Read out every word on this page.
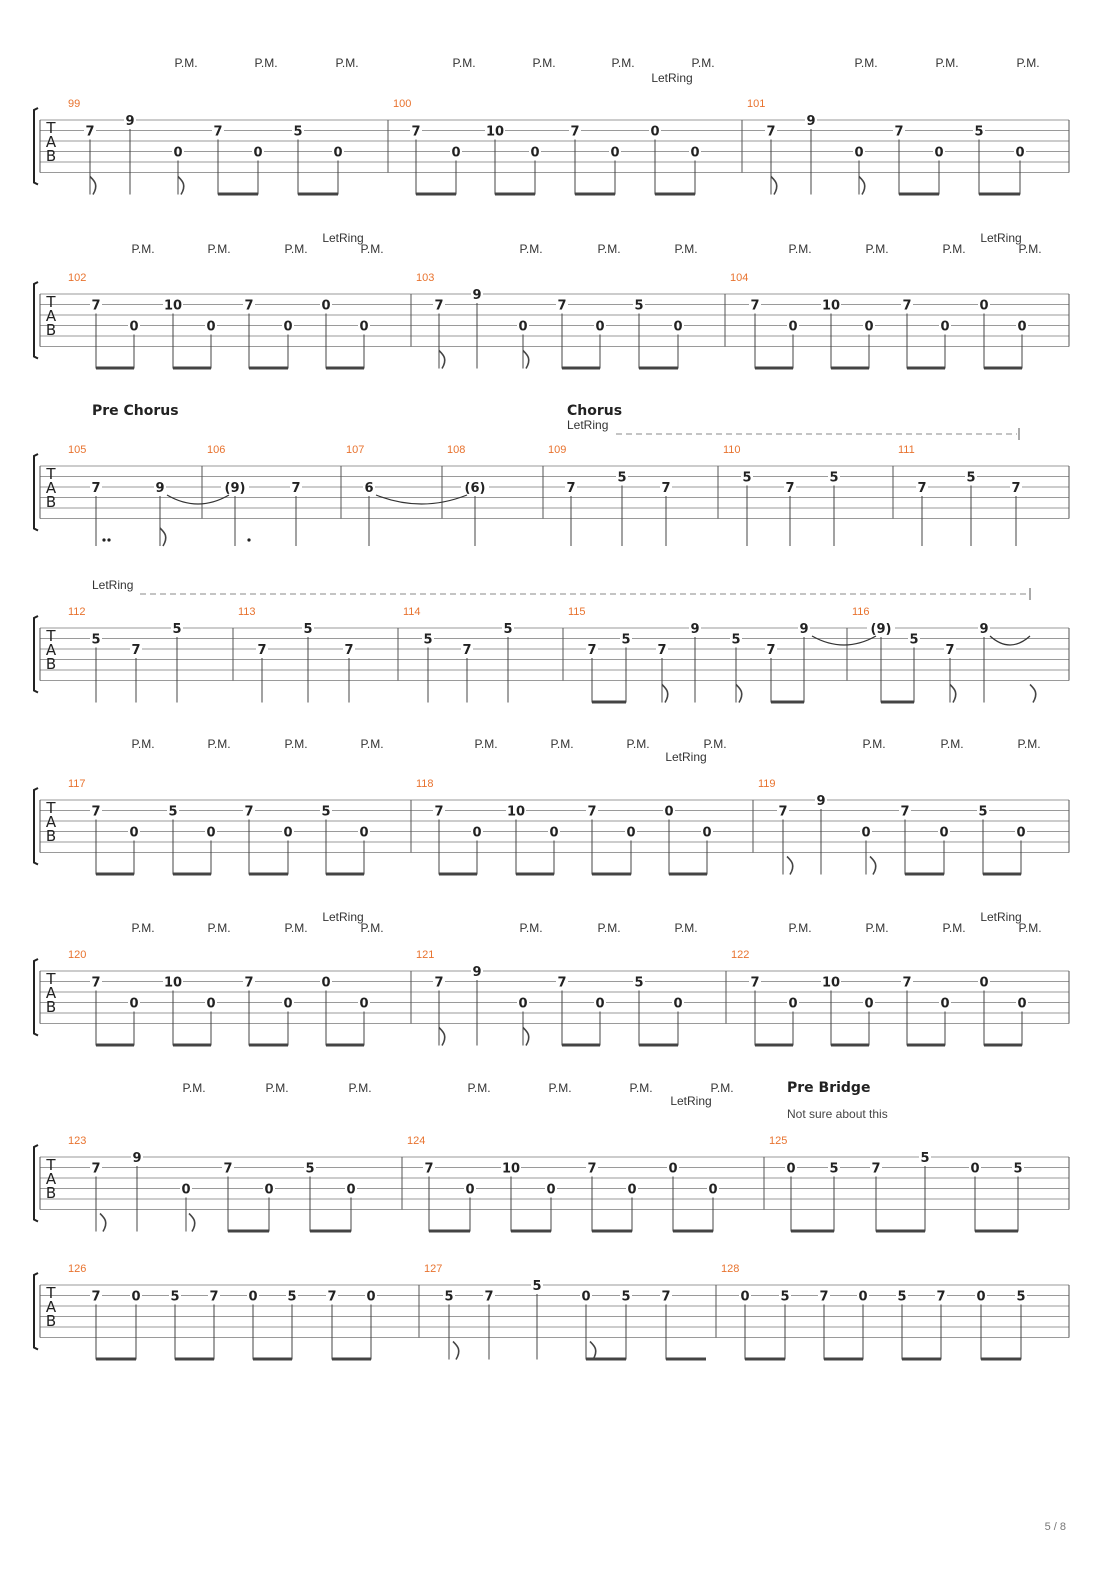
T
A
B
99
7
9
0
7
0
5
0
100
7
0
10
0
7
0
0
0
101
7
9
0
7
0
5
0
P.M.	P.M.	P.M.	P.M.	P.M.	P.M.	P.M.	P.M.	P.M.	P.M.
LetRing
T
A
B
102
7
0
10
0
7
0
0
0
103
7
9
0
7
0
5
0
104
7
0
10
0
7
0
0
0
P.M.	P.M.	P.M.	P.M.	P.M.	P.M.	P.M.	P.M.	P.M.	P.M.	P.M.
LetRing	LetRing
T
A
B
105
7	9
106
(9)	7
107
6
108
(6)
109
7
5
7
110
5
7
5
111
7
5
7
T
A
B
112
5
7
5
113
7
5
7
114
5
7
5
115
7
5
7
9
5
7
9
116
(9)
5
7
9
T
A
B
117
7
0
5
0
7
0
5
0
118
7
0
10
0
7
0
0
0
119
7
9
0
7
0
5
0
P.M.	P.M.	P.M.	P.M.	P.M.	P.M.	P.M.	P.M.	P.M.	P.M.	P.M.
LetRing
T
A
B
120
7
0
10
0
7
0
0
0
121
7
9
0
7
0
5
0
122
7
0
10
0
7
0
0
0
P.M.	P.M.	P.M.	P.M.	P.M.	P.M.	P.M.	P.M.	P.M.	P.M.	P.M.
LetRing	LetRing
T
A
B
123
7
9
0
7
0
5
0
124
7
0
10
0
7
0
0
0
125
0	5	7
5
0	5
P.M.	P.M.	P.M.	P.M.	P.M.	P.M.	P.M.
LetRing
T
A
B
126
7 0 5 7 0 5 7 0
127
5 7
5
0 5 7
128
0 5 7 0 5 7 0 5
Pre Chorus	Chorus
Pre Bridge
Not sure about this
LetRing
LetRing
5 / 8
